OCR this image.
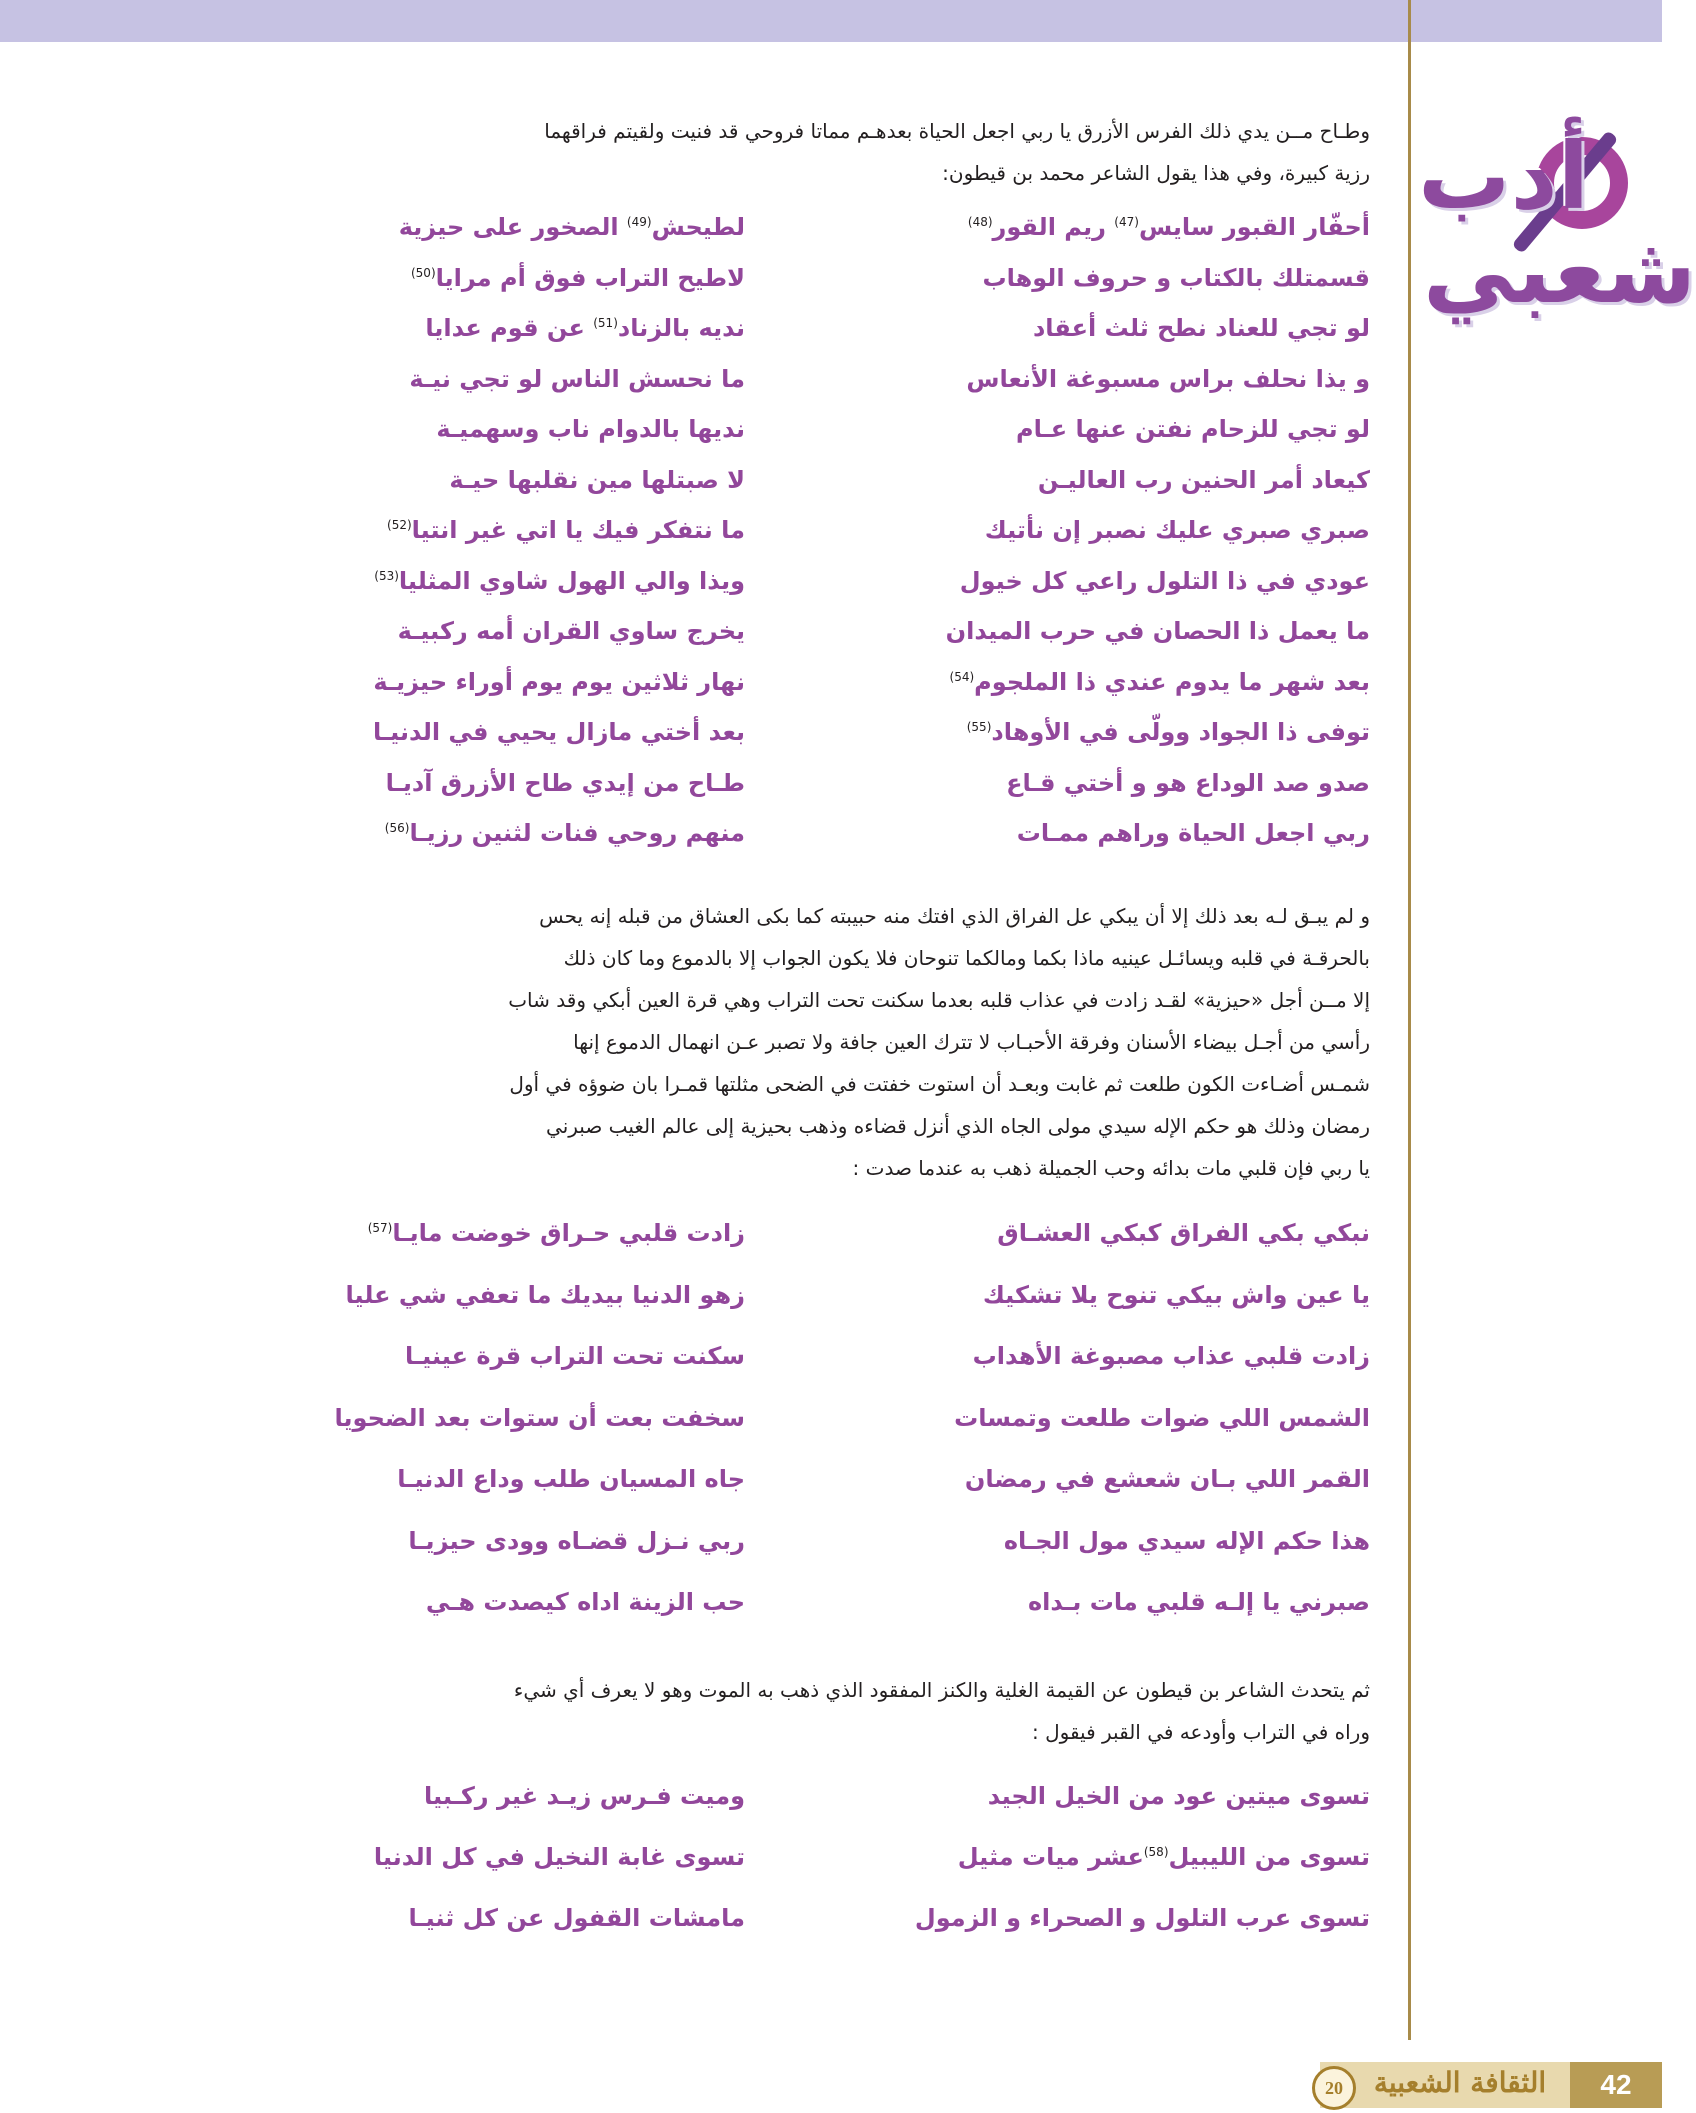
أدب
شعبي

وطـاح مــن يدي ذلك الفرس الأزرق يا ربي اجعل الحياة بعدهـم مماتا فروحي قد فنيت ولقيتم فراقهما

رزية كبيرة، وفي هذا يقول الشاعر محمد بن قيطون:

أحفّار القبور سايس$^{(47)}$ ريم القور$^{(48)}$
لطيحش$^{(49)}$ الصخور على حيزية
قسمتلك بالكتاب و حروف الوهاب
لاطيح التراب فوق أم مرايا$^{(50)}$
لو تجي للعناد نطح ثلث أعقاد
نديه بالزناد$^{(51)}$ عن قوم عدايا
و يذا نحلف براس مسبوغة الأنعاس
ما نحسش الناس لو تجي نيـة
لو تجي للزحام نفتن عنها عـام
نديها بالدوام ناب وسهميـة
كيعاد أمر الحنين رب العاليـن
لا صبتلها مين نقلبها حيـة
صبري صبري عليك نصبر إن نأتيك
ما نتفكر فيك يا اتي غير انتيا$^{(52)}$
عودي في ذا التلول راعي كل خيول
ويذا والي الهول شاوي المثليا$^{(53)}$
ما يعمل ذا الحصان في حرب الميدان
يخرج ساوي القران أمه ركبيـة
بعد شهر ما يدوم عندي ذا الملجوم$^{(54)}$
نهار ثلاثين يوم يوم أوراء حيزيـة
توفى ذا الجواد وولّى في الأوهاد$^{(55)}$
بعد أختي مازال يحيي في الدنيـا
صدو صد الوداع هو و أختي قـاع
طـاح من إيدي طاح الأزرق آديـا
ربي اجعل الحياة وراهم ممـات
منهم روحي فنات لثنين رزيـا$^{(56)}$

و لم يبـق لـه بعد ذلك إلا أن يبكي عل الفراق الذي افتك منه حبيبته كما بكى العشاق من قبله إنه يحس

بالحرقـة في قلبه ويسائـل عينيه ماذا بكما ومالكما تنوحان فلا يكون الجواب إلا بالدموع وما كان ذلك

إلا مــن أجل «حيزية» لقـد زادت في عذاب قلبه بعدما سكنت تحت التراب وهي قرة العين أبكي وقد شاب

رأسي من أجـل بيضاء الأسنان وفرقة الأحبـاب لا تترك العين جافة ولا تصبر عـن انهمال الدموع إنها

شمـس أضـاءت الكون طلعت ثم غابت وبعـد أن استوت خفتت في الضحى مثلتها قمـرا بان ضوؤه في أول

رمضان وذلك هو حكم الإله سيدي مولى الجاه الذي أنزل قضاءه وذهب بحيزية إلى عالم الغيب صبرني

يا ربي فإن قلبي مات بدائه وحب الجميلة ذهب به عندما صدت :

نبكي بكي الفراق كبكي العشـاق
زادت قلبي حـراق خوضت مايـا$^{(57)}$
يا عين واش بيكي تنوح يلا تشكيك
زهو الدنيا بيديك ما تعفي شي عليا
زادت قلبي عذاب مصبوغة الأهداب
سكنت تحت التراب قرة عينيـا
الشمس اللي ضوات طلعت وتمسات
سخفت بعت أن ستوات بعد الضحويا
القمر اللي بـان شعشع في رمضان
جاه المسيان طلب وداع الدنيـا
هذا حكم الإله سيدي مول الجـاه
ربي نـزل قضـاه وودى حيزيـا
صبرني يا إلـه قلبي مات بـداه
حب الزينة اداه كيصدت هـي

ثم يتحدث الشاعر بن قيطون عن القيمة الغلية والكنز المفقود الذي ذهب به الموت وهو لا يعرف أي شيء

وراه في التراب وأودعه في القبر فيقول :

تسوى ميتين عود من الخيل الجيد
وميت فـرس زيـد غير ركـبيا
تسوى من الليبيل$^{(58)}$عشر ميات مثيل
تسوى غابة النخيل في كل الدنيا
تسوى عرب التلول و الصحراء و الزمول
مامشات القفول عن كل ثنيـا
20	الثقافة الشعبية	42
